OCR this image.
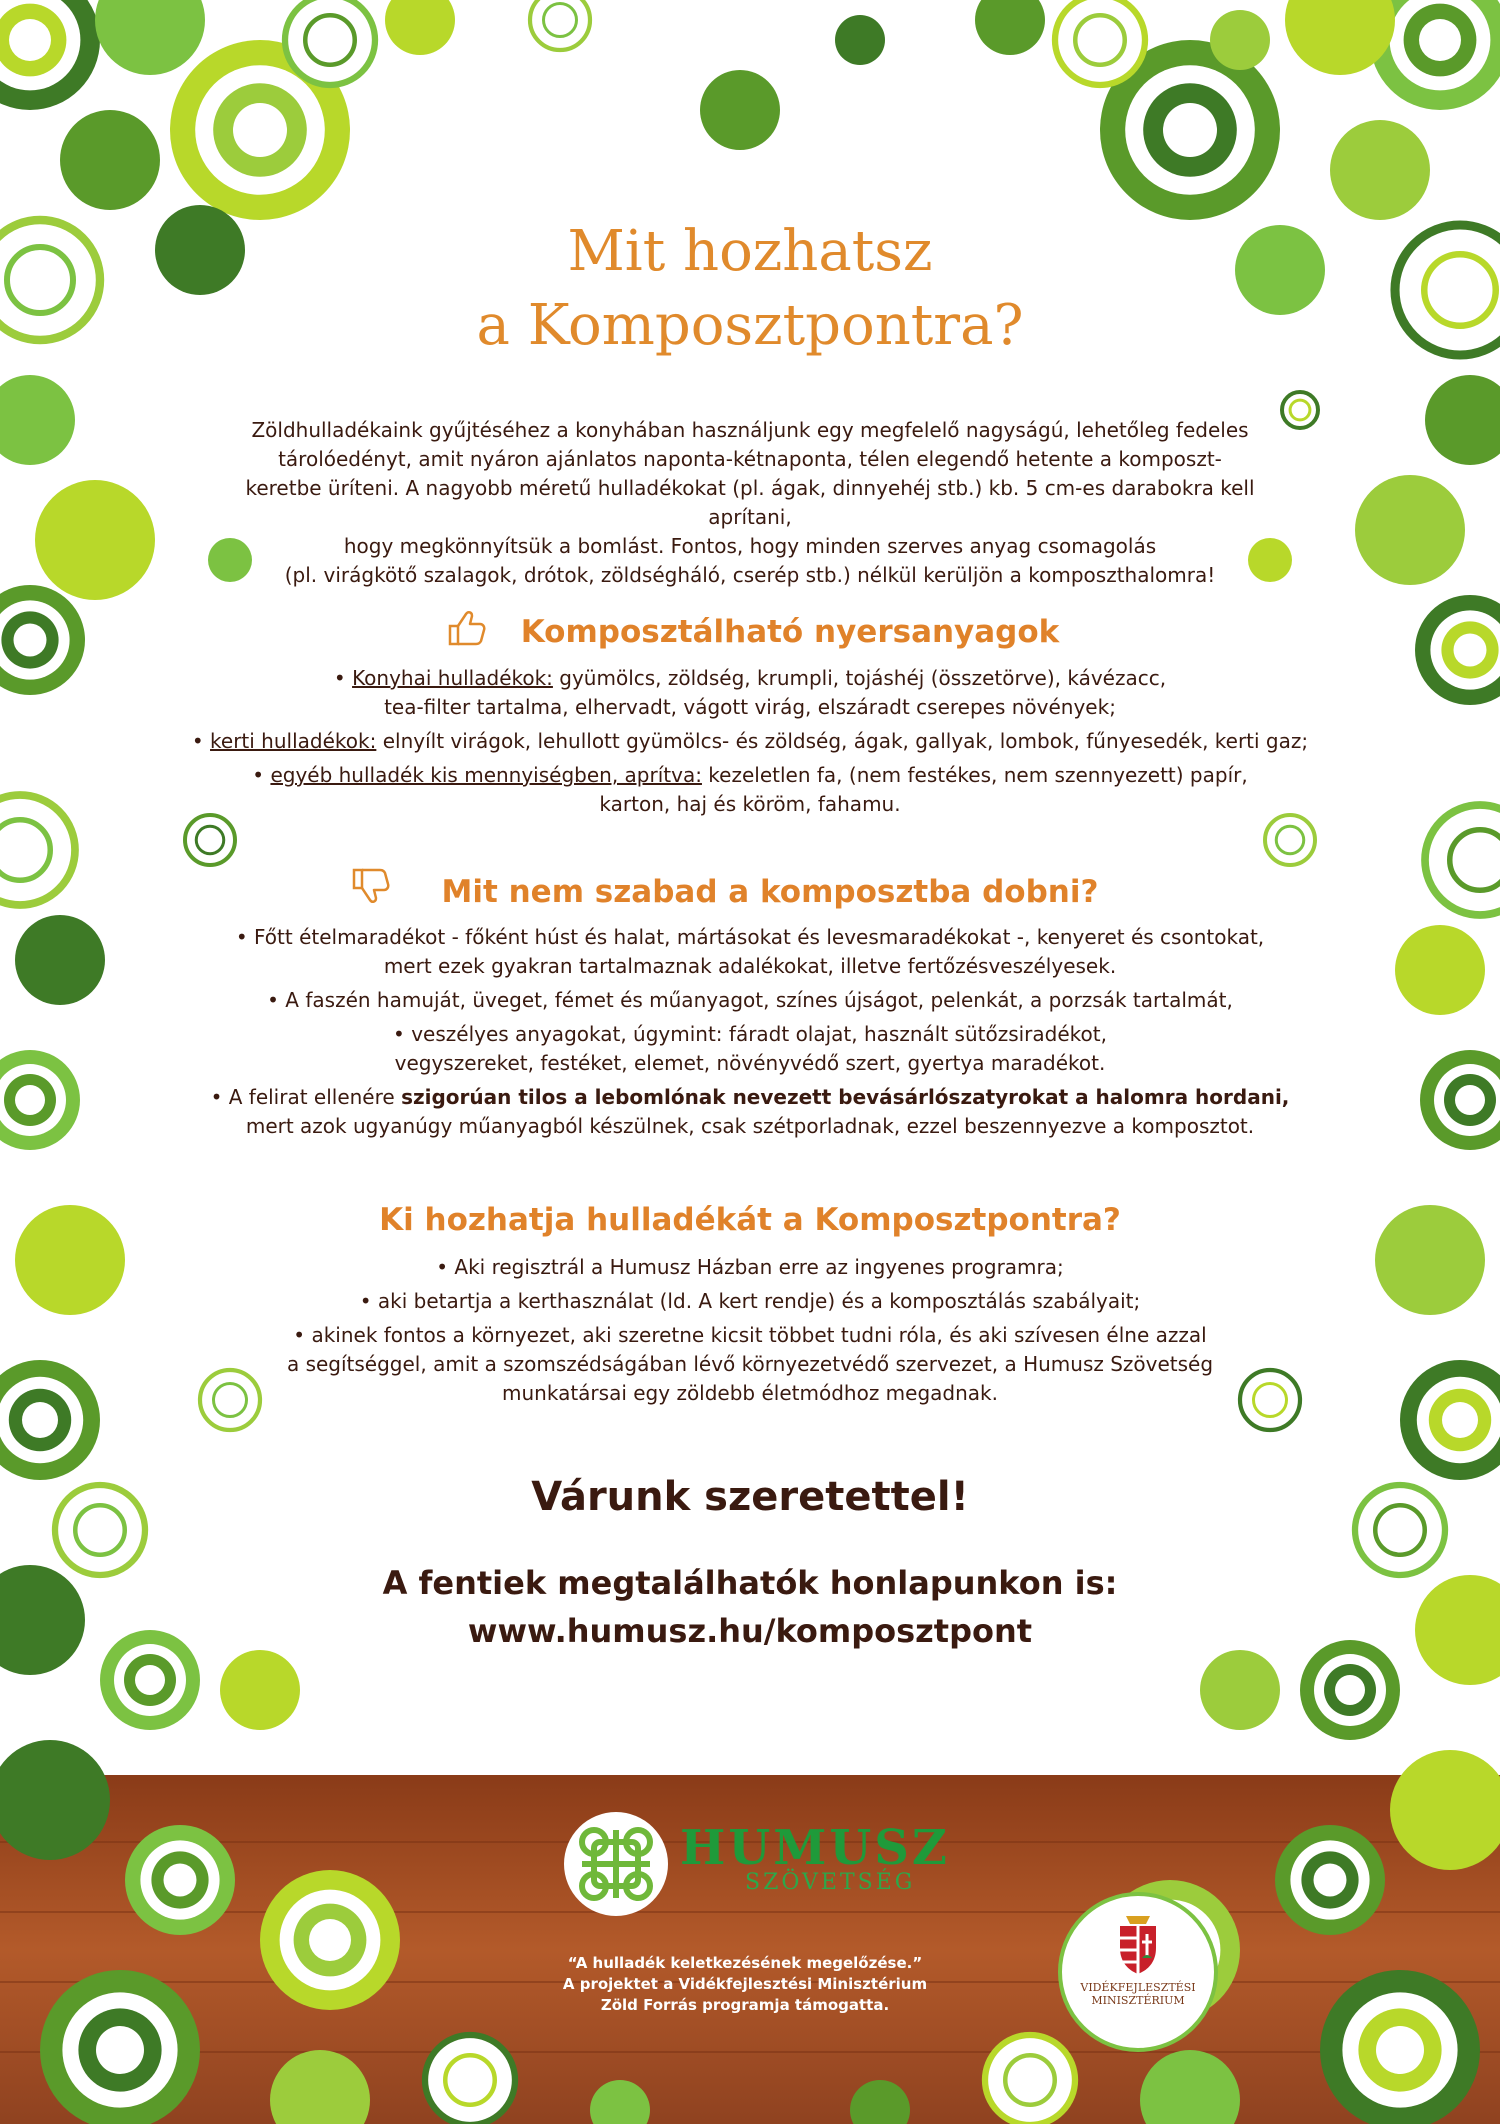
Mit hozhatsz
a Komposztpontra?
Zöldhulladékaink gyűjtéséhez a konyhában használjunk egy megfelelő nagyságú, lehetőleg fedeles
tárolóedényt, amit nyáron ajánlatos naponta-kétnaponta, télen elegendő hetente a komposzt-
keretbe üríteni. A nagyobb méretű hulladékokat (pl. ágak, dinnyehéj stb.) kb. 5 cm-es darabokra kell aprítani,
hogy megkönnyítsük a bomlást. Fontos, hogy minden szerves anyag csomagolás
(pl. virágkötő szalagok, drótok, zöldségháló, cserép stb.) nélkül kerüljön a komposzthalomra!
Komposztálható nyersanyagok

• Konyhai hulladékok: gyümölcs, zöldség, krumpli, tojáshéj (összetörve), kávézacc,
tea-filter tartalma, elhervadt, vágott virág, elszáradt cserepes növények;

• kerti hulladékok: elnyílt virágok, lehullott gyümölcs- és zöldség, ágak, gallyak, lombok, fűnyesedék, kerti gaz;

• egyéb hulladék kis mennyiségben, aprítva: kezeletlen fa, (nem festékes, nem szennyezett) papír,
karton, haj és köröm, fahamu.

Mit nem szabad a komposztba dobni?

• Főtt ételmaradékot - főként húst és halat, mártásokat és levesmaradékokat -, kenyeret és csontokat,
mert ezek gyakran tartalmaznak adalékokat, illetve fertőzésveszélyesek.

• A faszén hamuját, üveget, fémet és műanyagot, színes újságot, pelenkát, a porzsák tartalmát,

• veszélyes anyagokat, úgymint: fáradt olajat, használt sütőzsiradékot,
vegyszereket, festéket, elemet, növényvédő szert, gyertya maradékot.

• A felirat ellenére szigorúan tilos a lebomlónak nevezett bevásárlószatyrokat a halomra hordani,
mert azok ugyanúgy műanyagból készülnek, csak szétporladnak, ezzel beszennyezve a komposztot.

Ki hozhatja hulladékát a Komposztpontra?

• Aki regisztrál a Humusz Házban erre az ingyenes programra;

• aki betartja a kerthasználat (ld. A kert rendje) és a komposztálás szabályait;

• akinek fontos a környezet, aki szeretne kicsit többet tudni róla, és aki szívesen élne azzal
a segítséggel, amit a szomszédságában lévő környezetvédő szervezet, a Humusz Szövetség
munkatársai egy zöldebb életmódhoz megadnak.

Várunk szeretettel!
A fentiek megtalálhatók honlapunkon is:
www.humusz.hu/komposztpont
HUMUSZ
SZÖVETSÉG
“A hulladék keletkezésének megelőzése.”
A projektet a Vidékfejlesztési Minisztérium
Zöld Forrás programja támogatta.
VIDÉKFEJLESZTÉSI
MINISZTÉRIUM
